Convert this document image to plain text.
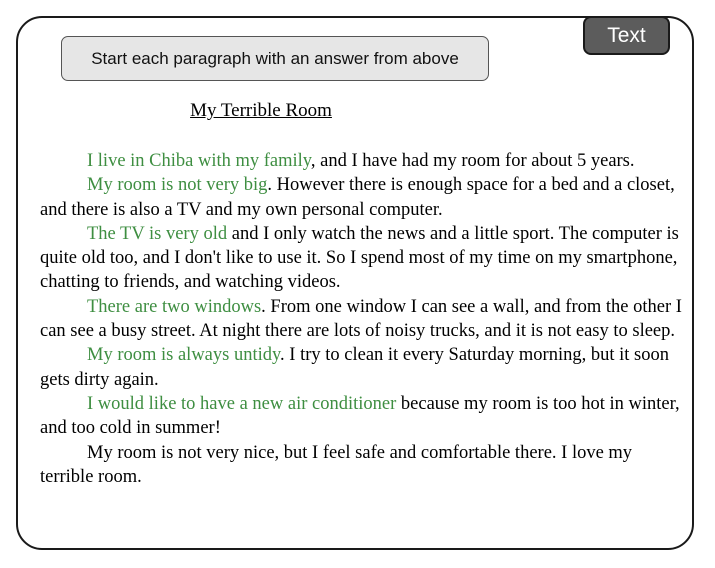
Start each paragraph with an answer from above
Text
My Terrible Room

I live in Chiba with my family, and I have had my room for about 5 years.

My room is not very big. However there is enough space for a bed and a closet, and there is also a TV and my own personal computer.

The TV is very old and I only watch the news and a little sport. The computer is quite old too, and I don't like to use it. So I spend most of my time on my smartphone, chatting to friends, and watching videos.

There are two windows. From one window I can see a wall, and from the other I can see a busy street. At night there are lots of noisy trucks, and it is not easy to sleep.

My room is always untidy. I try to clean it every Saturday morning, but it soon gets dirty again.

I would like to have a new air conditioner because my room is too hot in winter, and too cold in summer!

My room is not very nice, but I feel safe and comfortable there. I love my terrible room.
